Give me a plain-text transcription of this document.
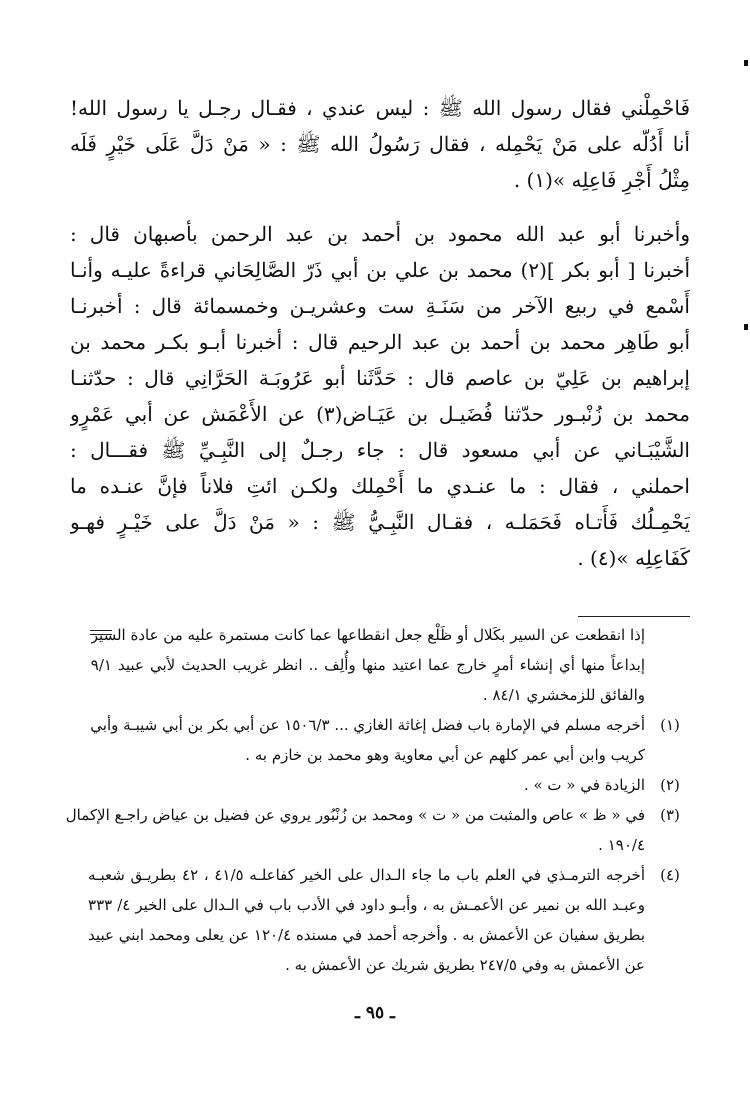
فَاحْمِلْني فقال رسول الله ﷺ : ليس عندي ، فقـال رجـل يا رسول الله!
أنا أَدُلّه على مَنْ يَحْمِله ، فقال رَسُولُ الله ﷺ : « مَنْ دَلَّ عَلَى خَيْرٍ فَلَه
مِثْلُ أَجْرِ فَاعِلِه »(١) .
وأخبرنا أبو عبد الله محمود بن أحمد بن عبد الرحمن بأصبهان قال :
أخبرنا [ أبو بكر ](٢) محمد بن علي بن أبي ذَرّ الصَّالِحَاني قراءةً عليـه وأنـا
أَسْمع في ربيع الآخر من سَنَـةِ ست وعشريـن وخمسمائة قال : أخبرنـا
أبو طَاهِر محمد بن أحمد بن عبد الرحيم قال : أخبرنا أبـو بكـر محمد بن
إبراهيم بن عَلِيّ بن عاصم قال : حَدَّثَنا أبو عَرُوبَـة الحَرَّانِي قال : حدّثنـا
محمد بن زُنْبـور حدّثنا فُضَيـل بن عَيَـاض(٣) عن الأَعْمَش عن أبي عَمْرٍو
الشَّيْبَـاني عن أبي مسعود قال : جاء رجـلٌ إلى النَّبِـيِّ ﷺ فقـــال :
احملني ، فقال : ما عنـدي ما أَحْمِلك ولكـن ائتِ فلاناً فإنَّ عنـده ما
يَحْمِـلُك فَأَتـاه فَحَمَلـه ، فقـال النَّبِـيُّ ﷺ : « مَنْ دَلَّ على خَيْـرٍ فهـو
كَفَاعِلِه »(٤) .
إذا انقطعت عن السير بكَلال أو ظَلْع جعل انقطاعها عما كانت مستمرة عليه من عادة السير
إبداعاً منها أي إنشاء أمرٍ خارج عما اعتيد منها وأُلِف .. انظر غريب الحديث لأبي عبيد ٩/١
والفائق للزمخشري ٨٤/١ .
(١)
أخرجه مسلم في الإمارة باب فضل إغاثة الغازي ... ١٥٠٦/٣ عن أبي بكر بن أبي شيبـة وأبي
كريب وابن أبي عمر كلهم عن أبي معاوية وهو محمد بن خازم به .
(٢)
الزيادة في « ت » .
(٣)
في « ظ » عاص والمثبت من « ت » ومحمد بن زُنْبُور يروي عن فضيل بن عياض راجـع الإكمال
١٩٠/٤ .
(٤)
أخرجه الترمـذي في العلم باب ما جاء الـدال على الخير كفاعلـه ٤١/٥ ، ٤٢ بطريـق شعبـه
وعبـد الله بن نمير عن الأعمـش به ، وأبـو داود في الأدب باب في الـدال على الخير ٤/ ٣٣٣
بطريق سفيان عن الأعمش به . وأخرجه أحمد في مسنده ١٢٠/٤ عن يعلى ومحمد ابني عبيد
عن الأعمش به وفي ٢٤٧/٥ بطريق شريك عن الأعمش به .
ـ ٩٥ ـ
